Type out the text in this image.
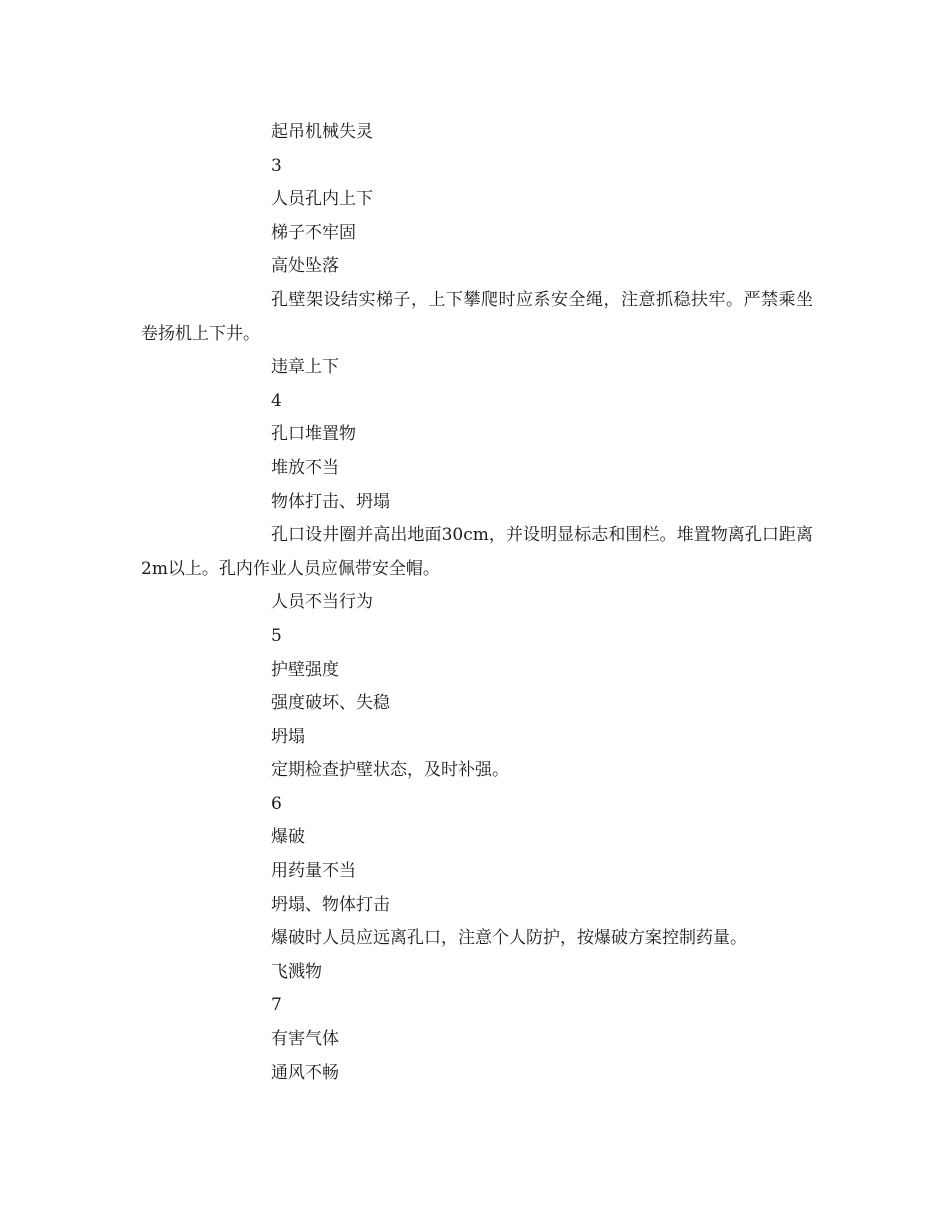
起吊机械失灵
3
人员孔内上下
梯子不牢固
高处坠落
孔壁架设结实梯子，上下攀爬时应系安全绳，注意抓稳扶牢。严禁乘坐卷扬机上下井。
违章上下
4
孔口堆置物
堆放不当
物体打击、坍塌
孔口设井圈并高出地面30cm，并设明显标志和围栏。堆置物离孔口距离2m以上。孔内作业人员应佩带安全帽。
人员不当行为
5
护壁强度
强度破坏、失稳
坍塌
定期检查护壁状态，及时补强。
6
爆破
用药量不当
坍塌、物体打击
爆破时人员应远离孔口，注意个人防护，按爆破方案控制药量。
飞溅物
7
有害气体
通风不畅
